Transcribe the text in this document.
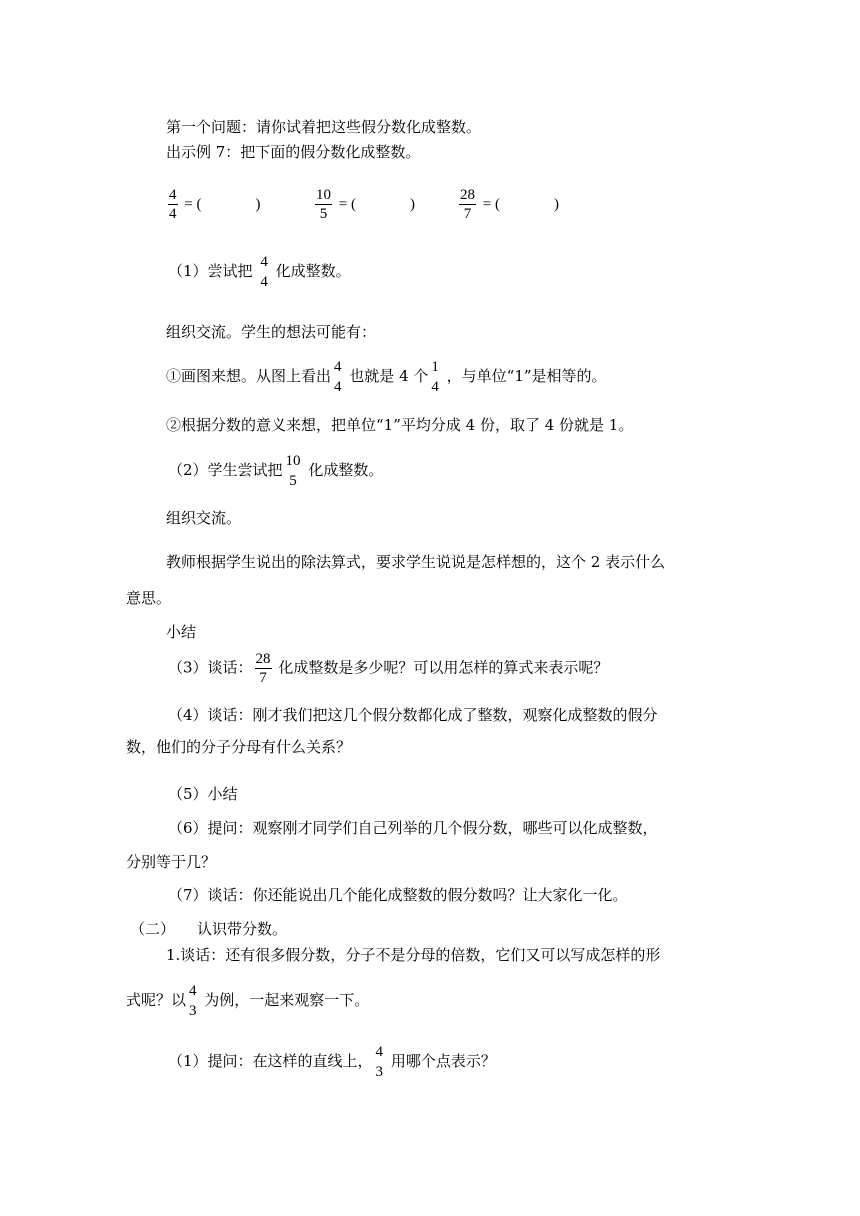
第一个问题：请你试着把这些假分数化成整数。
出示例 7：把下面的假分数化成整数。
$\frac{4}{4}$ = (	)	$\frac{10}{5}$ = (	)	$\frac{28}{7}$ = (	)
（1）尝试把 4
4
化成整数。
组织交流。学生的想法可能有：
①画图来想。从图上看出 4
4
也就是 4 个 1
4
，与单位“1”是相等的。
②根据分数的意义来想，把单位“1”平均分成 4 份，取了 4 份就是 1。
（2）学生尝试把 10
5
化成整数。
组织交流。
教师根据学生说出的除法算式，要求学生说说是怎样想的，这个 2 表示什么
意思。
小结
（3）谈话： $\frac{28}{7}$ 化成整数是多少呢？可以用怎样的算式来表示呢？
（4）谈话：刚才我们把这几个假分数都化成了整数，观察化成整数的假分
数，他们的分子分母有什么关系？
（5）小结
（6）提问：观察刚才同学们自己列举的几个假分数，哪些可以化成整数，
分别等于几？
（7）谈话：你还能说出几个能化成整数的假分数吗？让大家化一化。
（二） 认识带分数。
1.谈话：还有很多假分数，分子不是分母的倍数，它们又可以写成怎样的形
式呢？以 4
3
为例，一起来观察一下。
（1）提问：在这样的直线上， 4
3
用哪个点表示？
